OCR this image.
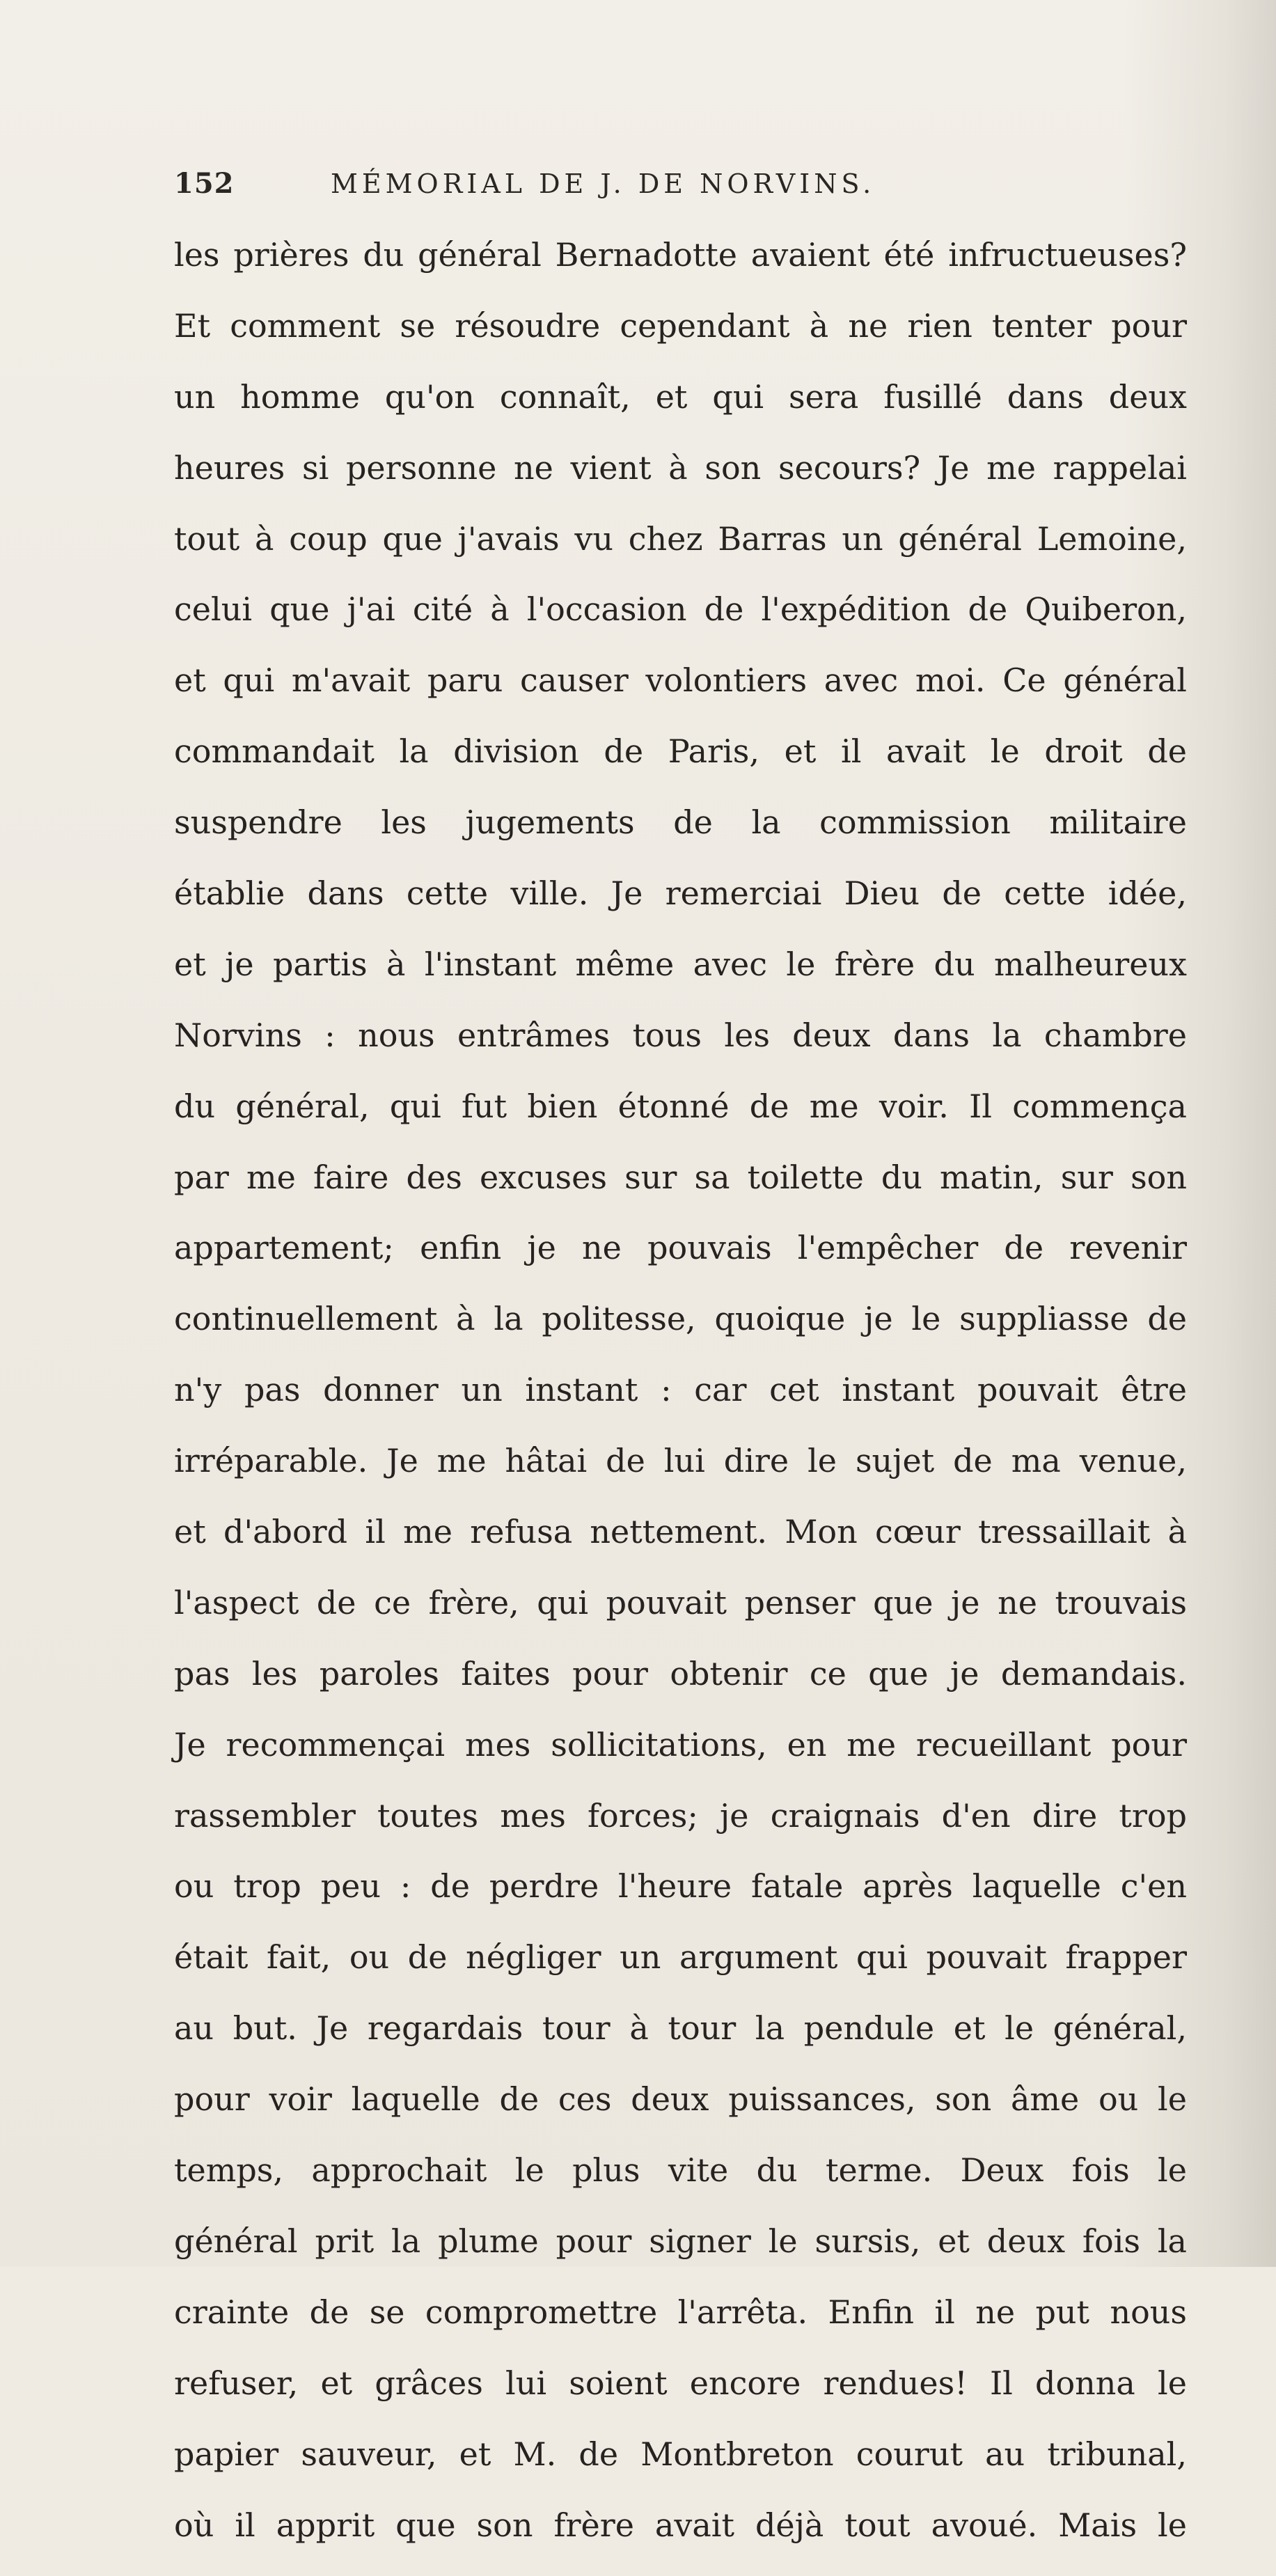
152	MÉMORIAL DE J. DE NORVINS.
les prières du général Bernadotte avaient été infructueuses?
Et comment se résoudre cependant à ne rien tenter pour
un homme qu'on connaît, et qui sera fusillé dans deux
heures si personne ne vient à son secours? Je me rappelai
tout à coup que j'avais vu chez Barras un général Lemoine,
celui que j'ai cité à l'occasion de l'expédition de Quiberon,
et qui m'avait paru causer volontiers avec moi. Ce général
commandait la division de Paris, et il avait le droit de
suspendre les jugements de la commission militaire
établie dans cette ville. Je remerciai Dieu de cette idée,
et je partis à l'instant même avec le frère du malheureux
Norvins : nous entrâmes tous les deux dans la chambre
du général, qui fut bien étonné de me voir. Il commença
par me faire des excuses sur sa toilette du matin, sur son
appartement; enfin je ne pouvais l'empêcher de revenir
continuellement à la politesse, quoique je le suppliasse de
n'y pas donner un instant : car cet instant pouvait être
irréparable. Je me hâtai de lui dire le sujet de ma venue,
et d'abord il me refusa nettement. Mon cœur tressaillait à
l'aspect de ce frère, qui pouvait penser que je ne trouvais
pas les paroles faites pour obtenir ce que je demandais.
Je recommençai mes sollicitations, en me recueillant pour
rassembler toutes mes forces; je craignais d'en dire trop
ou trop peu : de perdre l'heure fatale après laquelle c'en
était fait, ou de négliger un argument qui pouvait frapper
au but. Je regardais tour à tour la pendule et le général,
pour voir laquelle de ces deux puissances, son âme ou le
temps, approchait le plus vite du terme. Deux fois le
général prit la plume pour signer le sursis, et deux fois la
crainte de se compromettre l'arrêta. Enfin il ne put nous
refuser, et grâces lui soient encore rendues! Il donna le
papier sauveur, et M. de Montbreton courut au tribunal,
où il apprit que son frère avait déjà tout avoué. Mais le
